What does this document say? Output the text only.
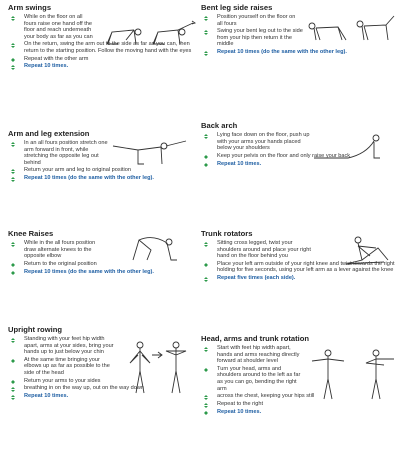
Arm swings
While on the floor on all fours raise one hand off the floor and reach underneath your body as far as you can
On the return, swing the arm out to the side as far as you can, then return to the starting position. Follow the moving hand with the eyes
Repeat with the other arm
Repeat 10 times.
Bent leg side raises
Position yourself on the floor on all fours
Swing your bent leg out to the side from your hip then return it the middle
Repeat 10 times (do the same with the other leg).
Arm and leg extension
In an all fours position stretch one arm forward in front, while stretching the opposite leg out behind
Return your arm and leg to original position
Repeat 10 times (do the same with the other leg).
Back arch
Lying face down on the floor, push up with your arms your hands placed below your shoulders
Keep your pelvis on the floor and only raise your back
Repeat 10 times.
Knee Raises
While in the all fours position draw alternate knees to the opposite elbow
Return to the original position
Repeat 10 times (do the same with the other leg).
Trunk rotators
Sitting cross legged, twist your shoulders around and place your right hand on the floor behind you
Place your left arm outside of your right knee and twist towards the right holding for five seconds, using your left arm as a lever against the knee
Repeat five times (each side).
Upright rowing
Standing with your feet hip width apart, arms at your sides, bring your hands up to just below your chin
At the same time bringing your elbows up as far as possible to the side of the head
Return your arms to your sides
breathing in on the way up, out on the way down
Repeat 10 times.
Head, arms and trunk rotation
Start with feet hip width apart, hands and arms reaching directly forward at shoulder level
Turn your head, arms and shoulders around to the left as far as you can go, bending the right arm
across the chest, keeping your hips still
Repeat to the right
Repeat 10 times.
